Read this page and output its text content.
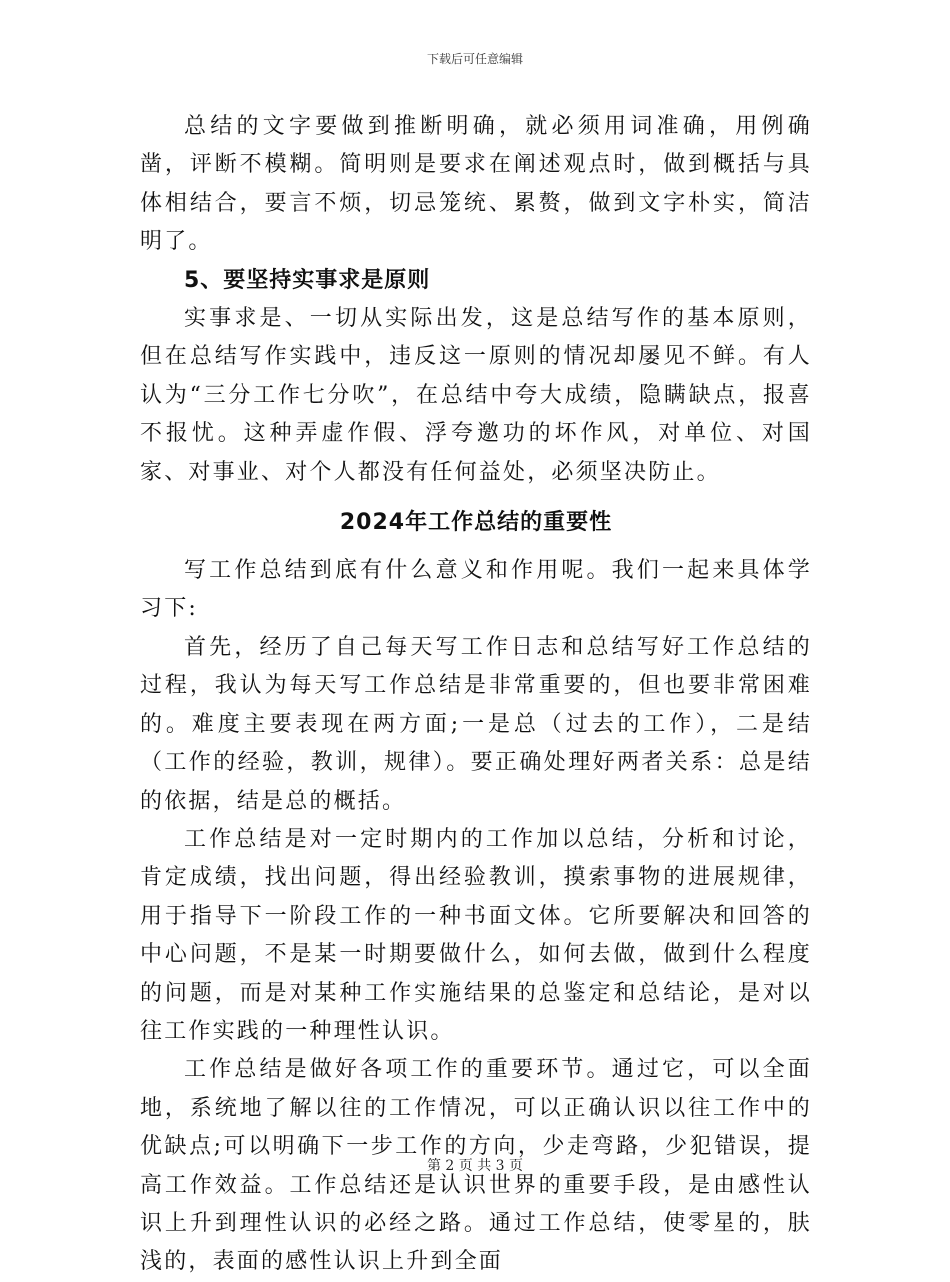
下载后可任意编辑

总结的文字要做到推断明确，就必须用词准确，用例确凿，评断不模糊。简明则是要求在阐述观点时，做到概括与具体相结合，要言不烦，切忌笼统、累赘，做到文字朴实，简洁明了。

5、要坚持实事求是原则

实事求是、一切从实际出发，这是总结写作的基本原则，但在总结写作实践中，违反这一原则的情况却屡见不鲜。有人认为“三分工作七分吹”，在总结中夸大成绩，隐瞒缺点，报喜不报忧。这种弄虚作假、浮夸邀功的坏作风，对单位、对国家、对事业、对个人都没有任何益处，必须坚决防止。

2024年工作总结的重要性

写工作总结到底有什么意义和作用呢。我们一起来具体学习下:

首先，经历了自己每天写工作日志和总结写好工作总结的过程，我认为每天写工作总结是非常重要的，但也要非常困难的。难度主要表现在两方面;一是总（过去的工作），二是结（工作的经验，教训，规律）。要正确处理好两者关系：总是结的依据，结是总的概括。

工作总结是对一定时期内的工作加以总结，分析和讨论，肯定成绩，找出问题，得出经验教训，摸索事物的进展规律，用于指导下一阶段工作的一种书面文体。它所要解决和回答的中心问题，不是某一时期要做什么，如何去做，做到什么程度的问题，而是对某种工作实施结果的总鉴定和总结论，是对以往工作实践的一种理性认识。

工作总结是做好各项工作的重要环节。通过它，可以全面地，系统地了解以往的工作情况，可以正确认识以往工作中的优缺点;可以明确下一步工作的方向，少走弯路，少犯错误，提高工作效益。工作总结还是认识世界的重要手段，是由感性认识上升到理性认识的必经之路。通过工作总结，使零星的，肤浅的，表面的感性认识上升到全面

第 2 页 共 3 页
